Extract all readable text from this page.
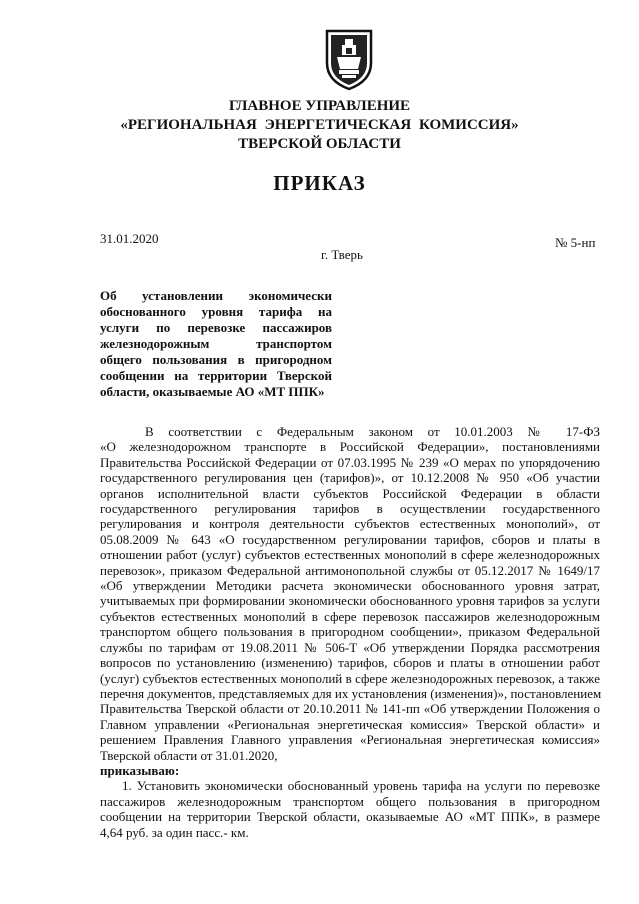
ГЛАВНОЕ УПРАВЛЕНИЕ
«РЕГИОНАЛЬНАЯ ЭНЕРГЕТИЧЕСКАЯ КОМИССИЯ»
ТВЕРСКОЙ ОБЛАСТИ
ПРИКАЗ
31.01.2020	№ 5-нп
г. Тверь
Об установлении экономически
обоснованного уровня тарифа на
услуги по перевозке пассажиров
железнодорожным транспортом
общего пользования в пригородном
сообщении на территории Тверской
области, оказываемые АО «МТ ППК»
В соответствии с Федеральным законом от 10.01.2003 № 17-ФЗ
«О железнодорожном транспорте в Российской Федерации», постановлениями
Правительства Российской Федерации от 07.03.1995 № 239 «О мерах по упорядочению
государственного регулирования цен (тарифов)», от 10.12.2008 № 950 «Об участии
органов исполнительной власти субъектов Российской Федерации в области
государственного регулирования тарифов в осуществлении государственного
регулирования и контроля деятельности субъектов естественных монополий», от
05.08.2009 № 643 «О государственном регулировании тарифов, сборов и платы в
отношении работ (услуг) субъектов естественных монополий в сфере железнодорожных
перевозок», приказом Федеральной антимонопольной службы от 05.12.2017 № 1649/17
«Об утверждении Методики расчета экономически обоснованного уровня затрат,
учитываемых при формировании экономически обоснованного уровня тарифов за услуги
субъектов естественных монополий в сфере перевозок пассажиров железнодорожным
транспортом общего пользования в пригородном сообщении», приказом Федеральной
службы по тарифам от 19.08.2011 № 506-Т «Об утверждении Порядка рассмотрения
вопросов по установлению (изменению) тарифов, сборов и платы в отношении работ
(услуг) субъектов естественных монополий в сфере железнодорожных перевозок, а также
перечня документов, представляемых для их установления (изменения)», постановлением
Правительства Тверской области от 20.10.2011 № 141-пп «Об утверждении Положения о
Главном управлении «Региональная энергетическая комиссия» Тверской области» и
решением Правления Главного управления «Региональная энергетическая комиссия»
Тверской области от 31.01.2020,
приказываю:
1. Установить экономически обоснованный уровень тарифа на услуги по перевозке
пассажиров железнодорожным транспортом общего пользования в пригородном
сообщении на территории Тверской области, оказываемые АО «МТ ППК», в размере
4,64 руб. за один пасс.- км.
